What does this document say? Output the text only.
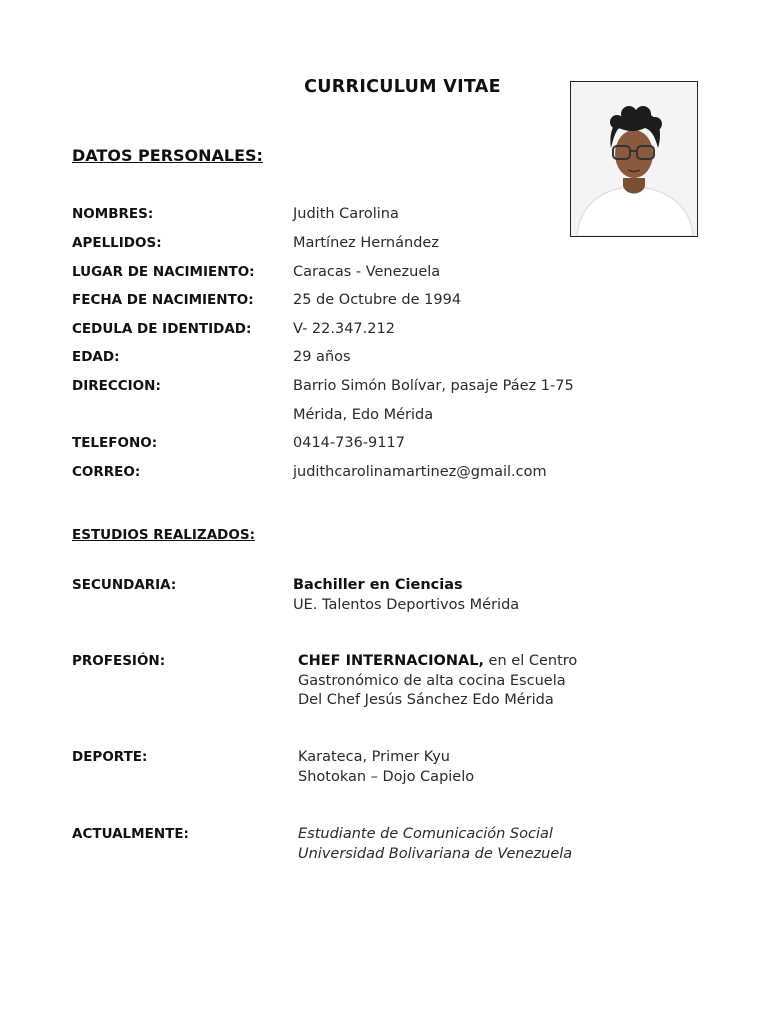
CURRICULUM VITAE
DATOS PERSONALES:
NOMBRES:	Judith Carolina
APELLIDOS:	Martínez Hernández
LUGAR DE NACIMIENTO:	Caracas - Venezuela
FECHA DE NACIMIENTO:	25 de Octubre de 1994
CEDULA DE IDENTIDAD:	V- 22.347.212
EDAD:	29 años
DIRECCION:	Barrio Simón Bolívar, pasaje Páez 1-75
Mérida, Edo Mérida
TELEFONO:	0414-736-9117
CORREO:	judithcarolinamartinez@gmail.com
ESTUDIOS REALIZADOS:
SECUNDARIA:	Bachiller en Ciencias
UE. Talentos Deportivos Mérida
PROFESIÓN:	CHEF INTERNACIONAL, en el Centro
Gastronómico de alta cocina Escuela
Del Chef Jesús Sánchez Edo Mérida
DEPORTE:	Karateca, Primer Kyu
Shotokan – Dojo Capielo
ACTUALMENTE:	Estudiante de Comunicación Social
Universidad Bolivariana de Venezuela
